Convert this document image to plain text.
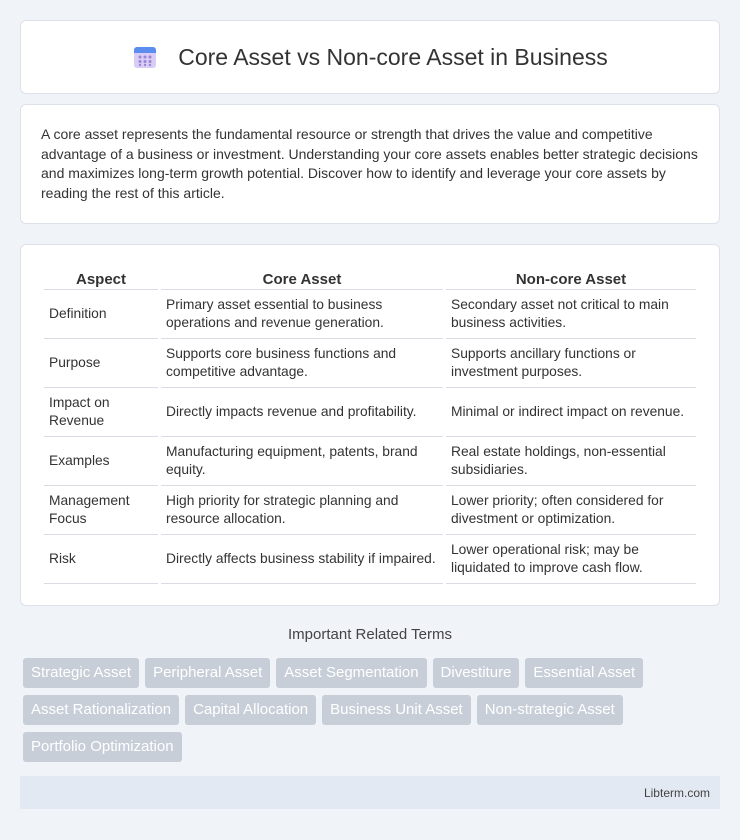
Core Asset vs Non-core Asset in Business

A core asset represents the fundamental resource or strength that drives the value and competitive advantage of a business or investment. Understanding your core assets enables better strategic decisions and maximizes long-term growth potential. Discover how to identify and leverage your core assets by reading the rest of this article.

Aspect	Core Asset	Non-core Asset
Definition	Primary asset essential to business operations and revenue generation.	Secondary asset not critical to main business activities.
Purpose	Supports core business functions and competitive advantage.	Supports ancillary functions or investment purposes.
Impact on Revenue	Directly impacts revenue and profitability.	Minimal or indirect impact on revenue.
Examples	Manufacturing equipment, patents, brand equity.	Real estate holdings, non-essential subsidiaries.
Management Focus	High priority for strategic planning and resource allocation.	Lower priority; often considered for divestment or optimization.
Risk	Directly affects business stability if impaired.	Lower operational risk; may be liquidated to improve cash flow.
Important Related Terms
Strategic Asset	Peripheral Asset	Asset Segmentation	Divestiture	Essential Asset
Asset Rationalization	Capital Allocation	Business Unit Asset	Non-strategic Asset
Portfolio Optimization
Libterm.com
